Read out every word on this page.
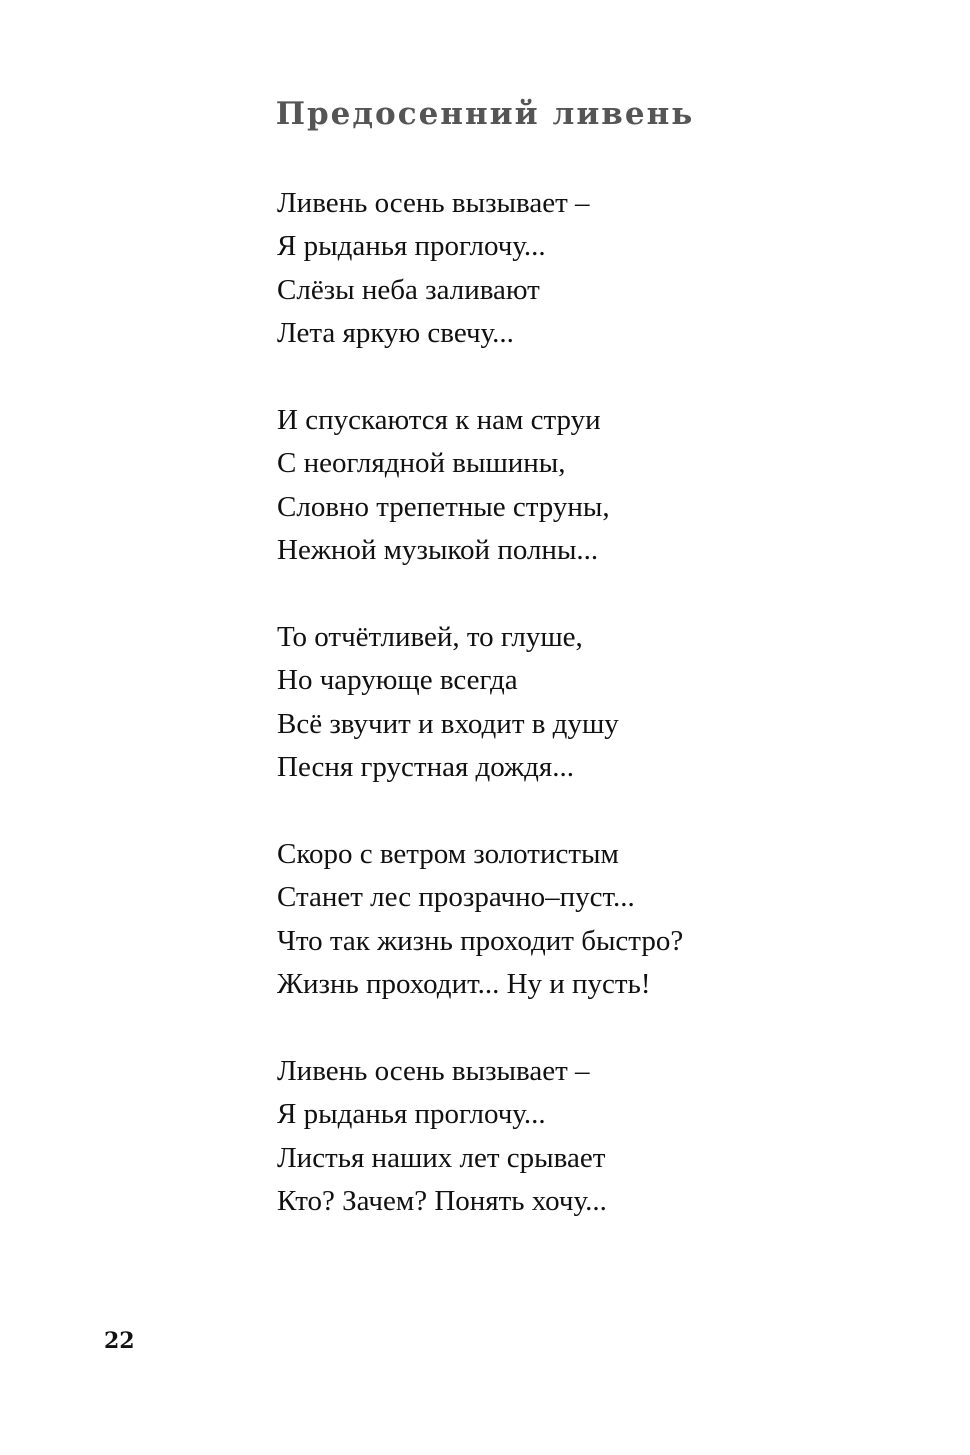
Предосенний ливень
Ливень осень вызывает –
Я рыданья проглочу...
Слёзы неба заливают
Лета яркую свечу...
И спускаются к нам струи
С неоглядной вышины,
Словно трепетные струны,
Нежной музыкой полны...
То отчётливей, то глуше,
Но чарующе всегда
Всё звучит и входит в душу
Песня грустная дождя...
Скоро с ветром золотистым
Станет лес прозрачно–пуст...
Что так жизнь проходит быстро?
Жизнь проходит... Ну и пусть!
Ливень осень вызывает –
Я рыданья проглочу...
Листья наших лет срывает
Кто? Зачем? Понять хочу...
22
